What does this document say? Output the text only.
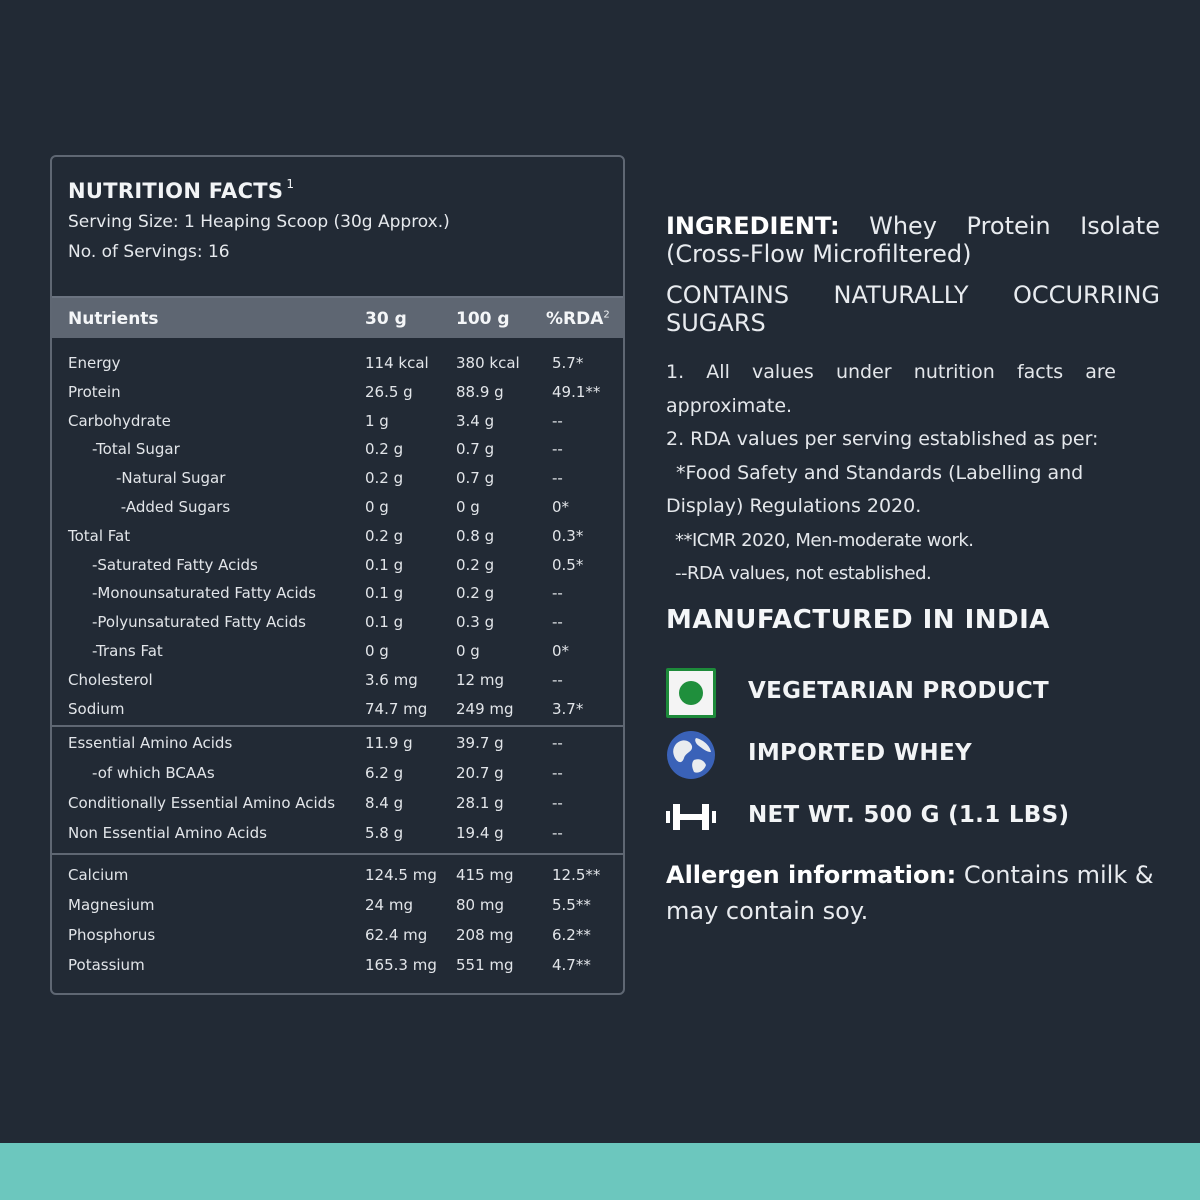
NUTRITION FACTS $^1$
Serving Size: 1 Heaping Scoop (30g Approx.)
No. of Servings: 16
Nutrients	30 g	100 g %RDA$^2$
Energy	114 kcal 380 kcal 5.7*
Protein	26.5 g	88.9 g	49.1**
Carbohydrate	1 g	3.4 g	--
-Total Sugar	0.2 g	0.7 g	--
-Natural Sugar	0.2 g	0.7 g	--
-Added Sugars	0 g	0 g	0*
Total Fat	0.2 g	0.8 g	0.3*
-Saturated Fatty Acids	0.1 g	0.2 g	0.5*
-Monounsaturated Fatty Acids	0.1 g	0.2 g	--
-Polyunsaturated Fatty Acids	0.1 g	0.3 g	--
-Trans Fat	0 g	0 g	0*
Cholesterol	3.6 mg	12 mg	--
Sodium	74.7 mg 249 mg	3.7*
Essential Amino Acids	11.9 g	39.7 g	--
-of which BCAAs	6.2 g	20.7 g	--
Conditionally Essential Amino Acids 8.4 g	28.1 g	--
Non Essential Amino Acids	5.8 g	19.4 g	--
Calcium	124.5 mg 415 mg	12.5**
Magnesium	24 mg	80 mg	5.5**
Phosphorus	62.4 mg 208 mg	6.2**
Potassium	165.3 mg 551 mg	4.7**
INGREDIENT: Whey Protein Isolate (Cross-Flow Microfiltered)
CONTAINS NATURALLY OCCURRING SUGARS
1. All values under nutrition facts are
approximate.
2. RDA values per serving established as per:
*Food Safety and Standards (Labelling and
Display) Regulations 2020.
**ICMR 2020, Men-moderate work.
--RDA values, not established.
MANUFACTURED IN INDIA
VEGETARIAN PRODUCT
IMPORTED WHEY
NET WT. 500 G (1.1 LBS)
Allergen information: Contains milk & may contain soy.
